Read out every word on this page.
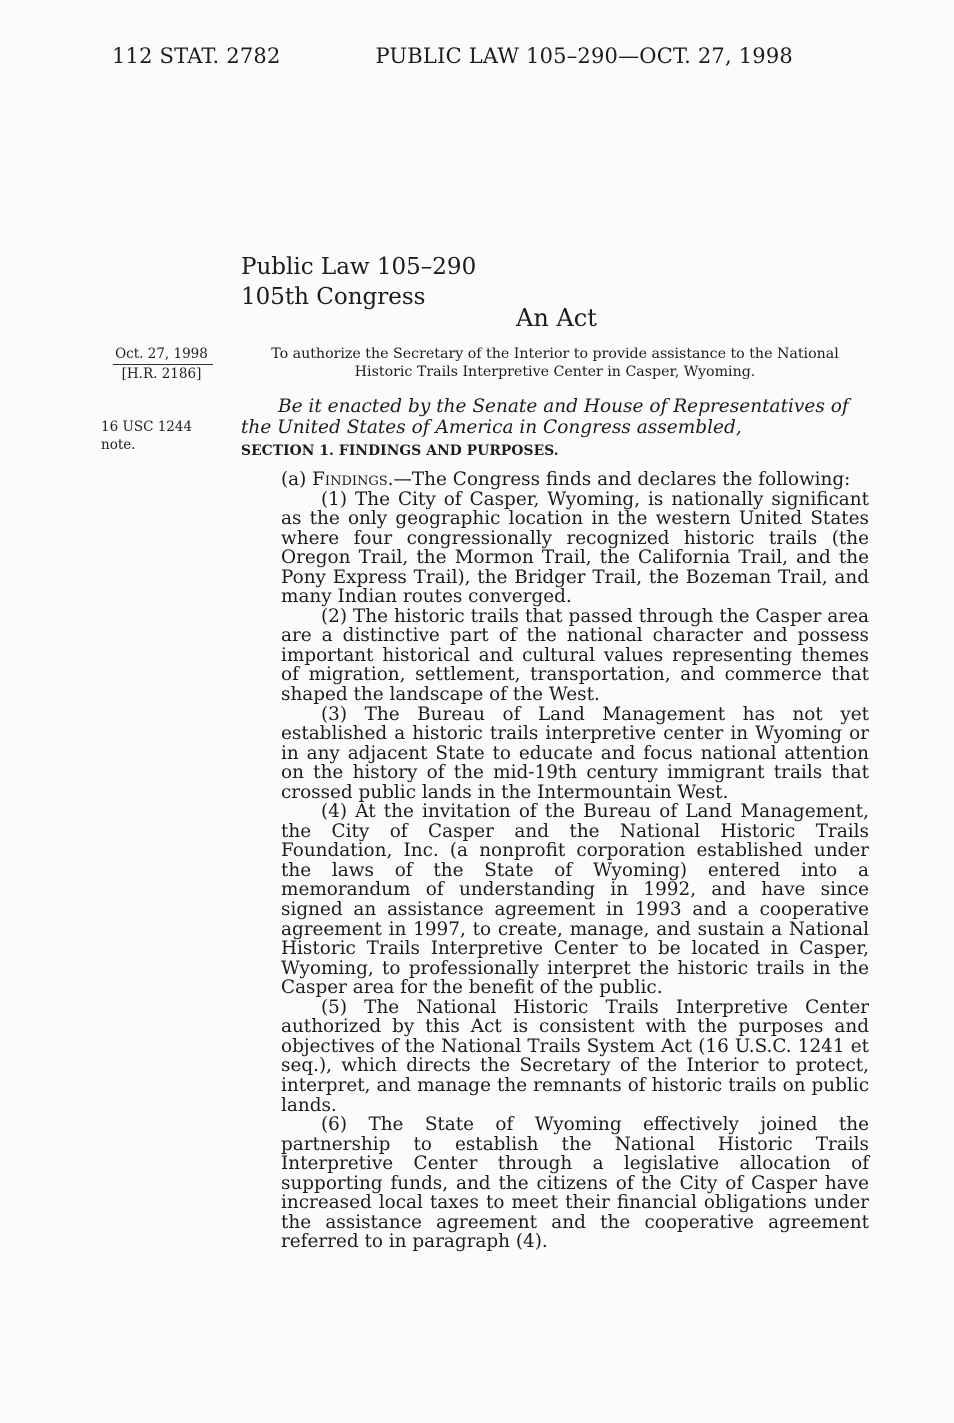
112 STAT. 2782	PUBLIC LAW 105–290—OCT. 27, 1998
Public Law 105–290
105th Congress
An Act
Oct. 27, 1998
[H.R. 2186]
16 USC 1244
note.
To authorize the Secretary of the Interior to provide assistance to the National
Historic Trails Interpretive Center in Casper, Wyoming.
Be it enacted by the Senate and House of Representatives of the United States of America in Congress assembled,
SECTION 1. FINDINGS AND PURPOSES.

(a) Findings.—The Congress finds and declares the following:

(1) The City of Casper, Wyoming, is nationally significant as the only geographic location in the western United States where four congressionally recognized historic trails (the Oregon Trail, the Mormon Trail, the California Trail, and the Pony Express Trail), the Bridger Trail, the Bozeman Trail, and many Indian routes converged.

(2) The historic trails that passed through the Casper area are a distinctive part of the national character and possess important historical and cultural values representing themes of migration, settlement, transportation, and commerce that shaped the landscape of the West.

(3) The Bureau of Land Management has not yet established a historic trails interpretive center in Wyoming or in any adjacent State to educate and focus national attention on the history of the mid-19th century immigrant trails that crossed public lands in the Intermountain West.

(4) At the invitation of the Bureau of Land Management, the City of Casper and the National Historic Trails Foundation, Inc. (a nonprofit corporation established under the laws of the State of Wyoming) entered into a memorandum of understanding in 1992, and have since signed an assistance agreement in 1993 and a cooperative agreement in 1997, to create, manage, and sustain a National Historic Trails Interpretive Center to be located in Casper, Wyoming, to professionally interpret the historic trails in the Casper area for the benefit of the public.

(5) The National Historic Trails Interpretive Center authorized by this Act is consistent with the purposes and objectives of the National Trails System Act (16 U.S.C. 1241 et seq.), which directs the Secretary of the Interior to protect, interpret, and manage the remnants of historic trails on public lands.

(6) The State of Wyoming effectively joined the partnership to establish the National Historic Trails Interpretive Center through a legislative allocation of supporting funds, and the citizens of the City of Casper have increased local taxes to meet their financial obligations under the assistance agreement and the cooperative agreement referred to in paragraph (4).
